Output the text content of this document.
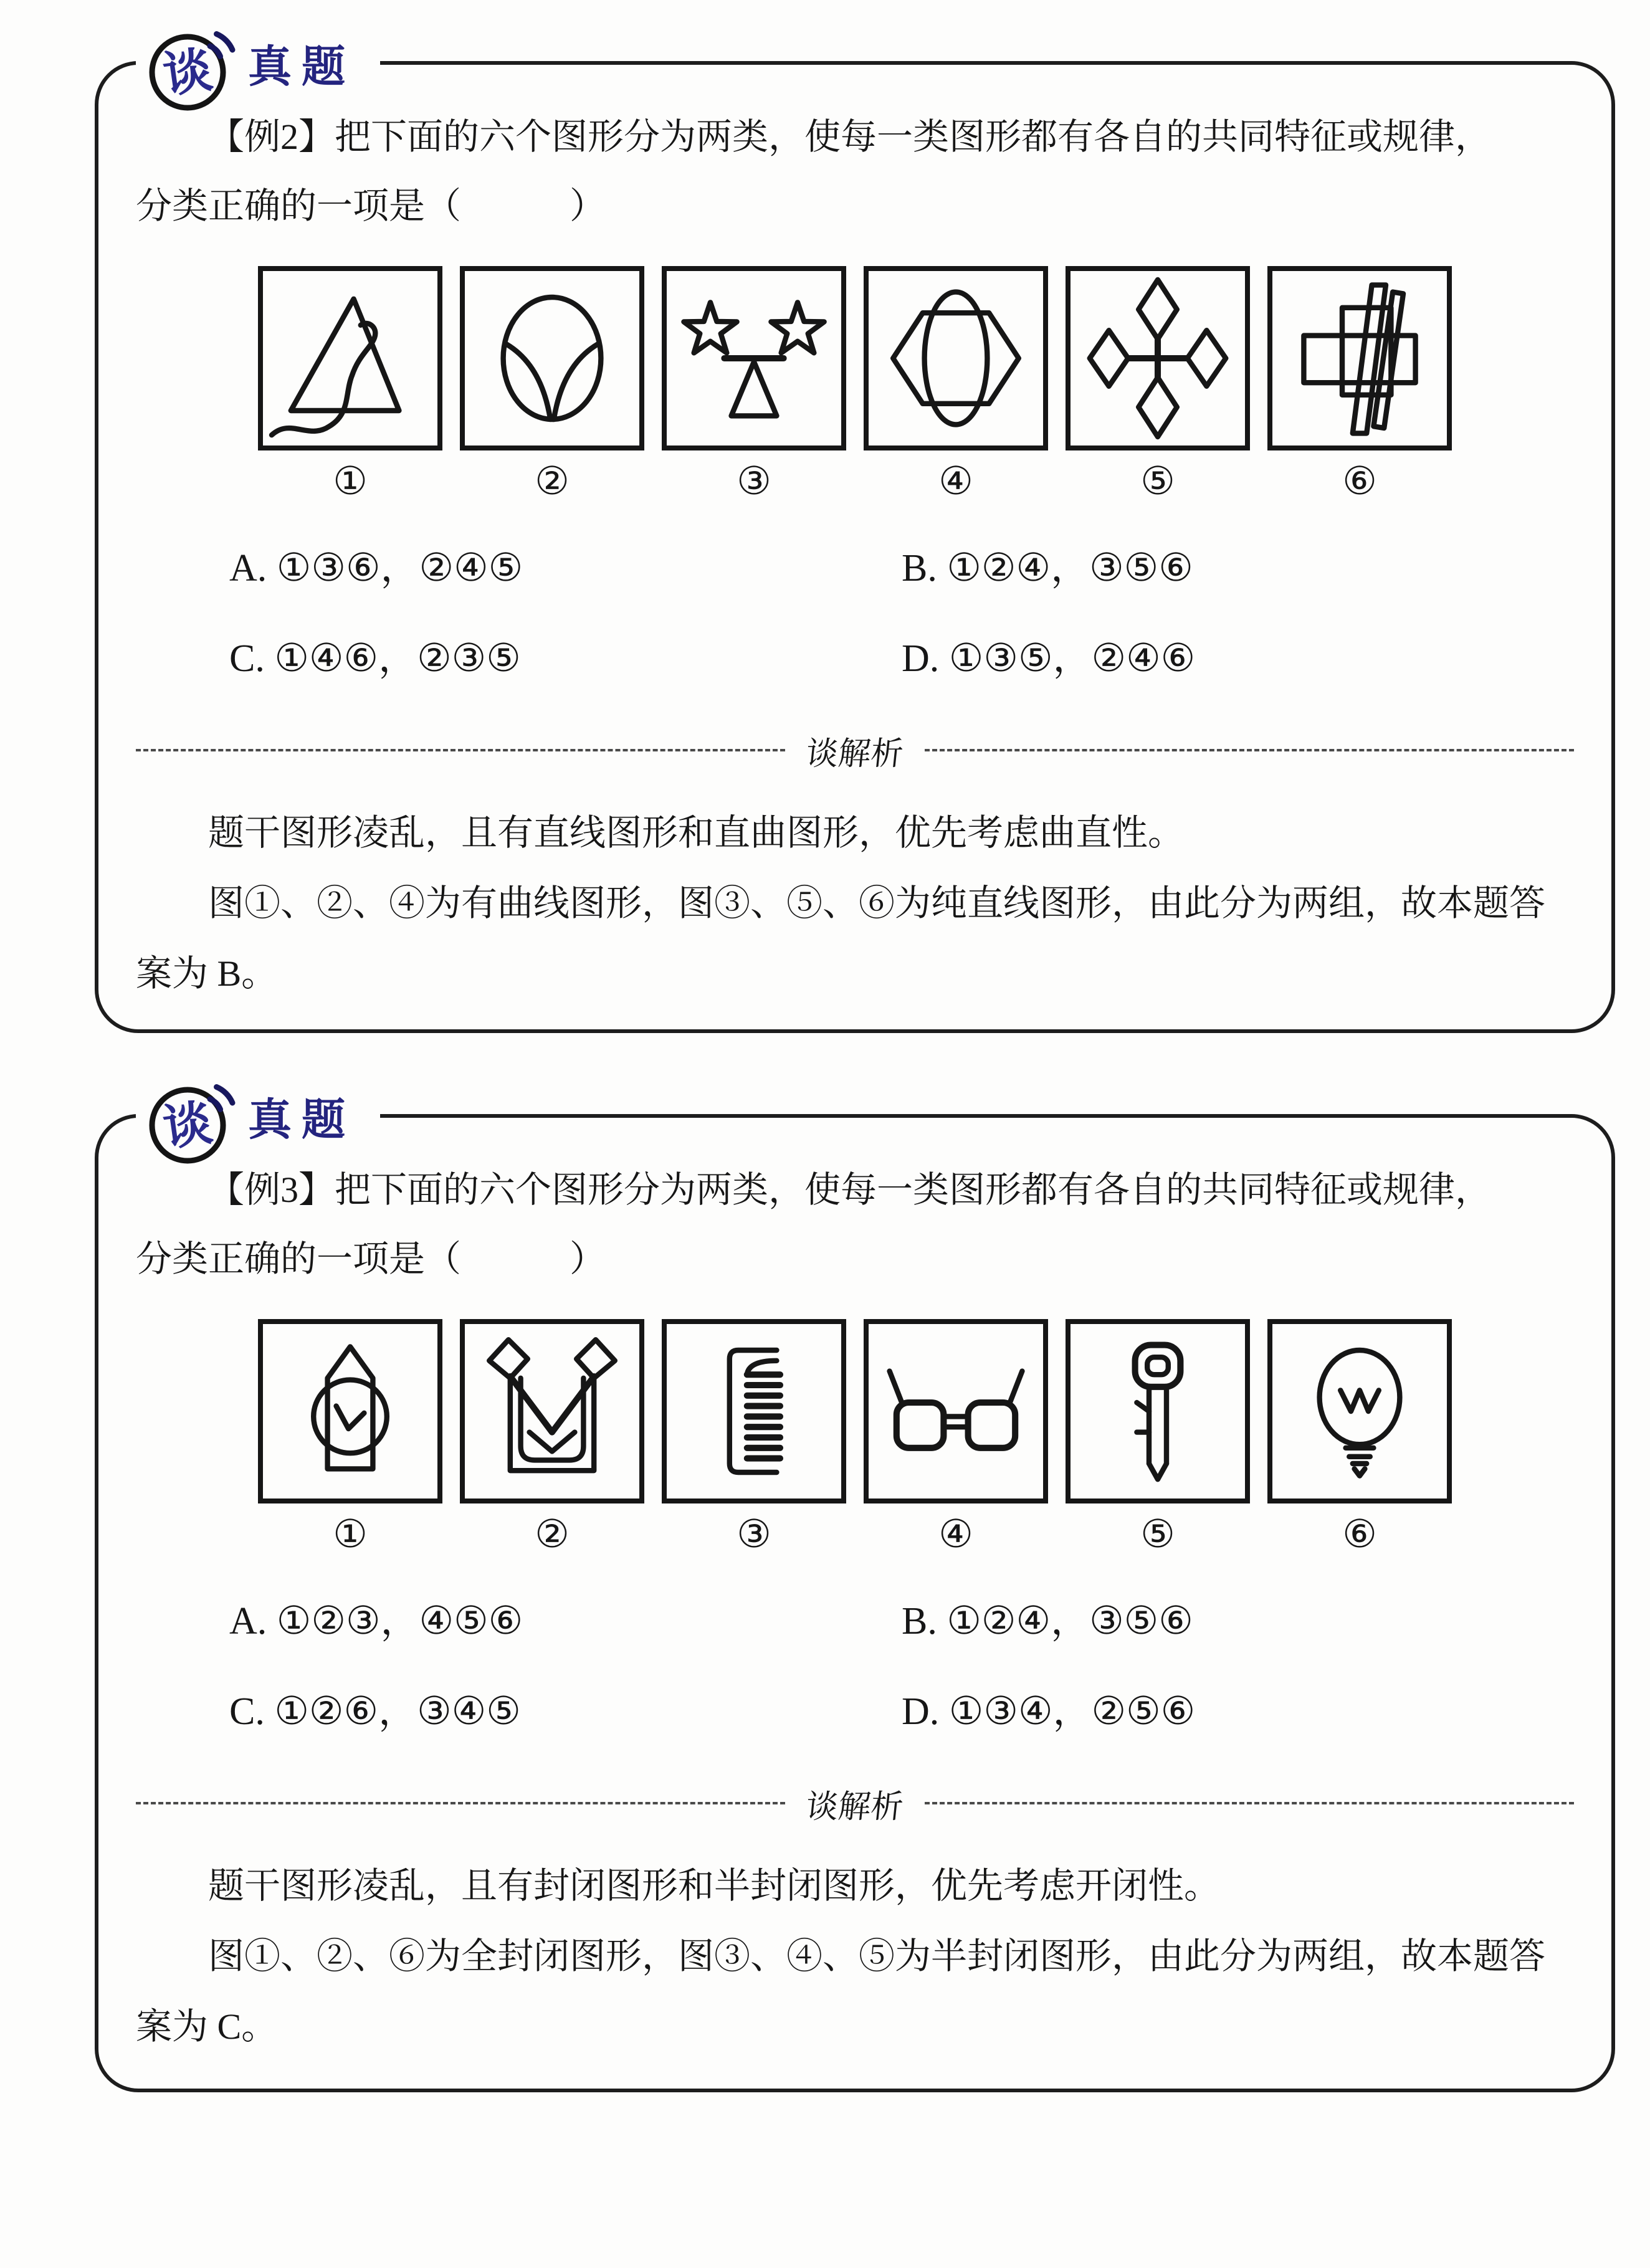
谈 真题
【例2】把下面的六个图形分为两类，使每一类图形都有各自的共同特征或规律，
分类正确的一项是（　　　）
①	②	③	④	⑤	⑥
A. ①③⑥，②④⑤	B. ①②④，③⑤⑥
C. ①④⑥，②③⑤	D. ①③⑤，②④⑥
谈解析

题干图形凌乱，且有直线图形和直曲图形，优先考虑曲直性。

图①、②、④为有曲线图形，图③、⑤、⑥为纯直线图形，由此分为两组，故本题答案为 B。

谈 真题
【例3】把下面的六个图形分为两类，使每一类图形都有各自的共同特征或规律，
分类正确的一项是（　　　）
①	②	③	④	⑤	⑥
A. ①②③，④⑤⑥	B. ①②④，③⑤⑥
C. ①②⑥，③④⑤	D. ①③④，②⑤⑥
谈解析

题干图形凌乱，且有封闭图形和半封闭图形，优先考虑开闭性。

图①、②、⑥为全封闭图形，图③、④、⑤为半封闭图形，由此分为两组，故本题答案为 C。
